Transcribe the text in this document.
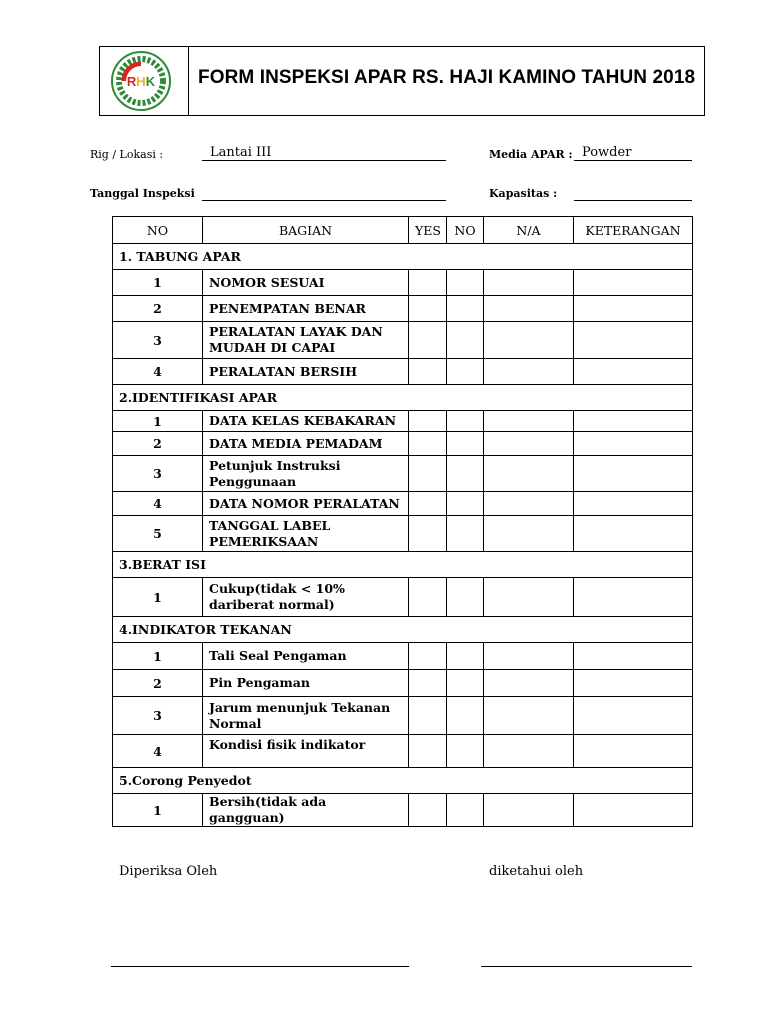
RHK FORM INSPEKSI APAR RS. HAJI KAMINO TAHUN 2018
Rig / Lokasi :	Lantai III	Media APAR : Powder
Tanggal Inspeksi	Kapasitas :
NO	BAGIAN	YES	NO	N/A	KETERANGAN
1. TABUNG APAR					
1	NOMOR SESUAI				
2	PENEMPATAN BENAR				
3	PERALATAN LAYAK DAN MUDAH DI CAPAI				
4	PERALATAN BERSIH				
2.IDENTIFIKASI APAR					
1	DATA KELAS KEBAKARAN				
2	DATA MEDIA PEMADAM				
3	Petunjuk Instruksi Penggunaan				
4	DATA NOMOR PERALATAN				
5	TANGGAL LABEL PEMERIKSAAN				
3.BERAT ISI					
1	Cukup(tidak < 10% dariberat normal)				
4.INDIKATOR TEKANAN					
1	Tali Seal Pengaman				
2	Pin Pengaman				
3	Jarum menunjuk Tekanan Normal				
4	Kondisi fisik indikator				
5.Corong Penyedot					
1	Bersih(tidak ada gangguan)				
Diperiksa Oleh	diketahui oleh
